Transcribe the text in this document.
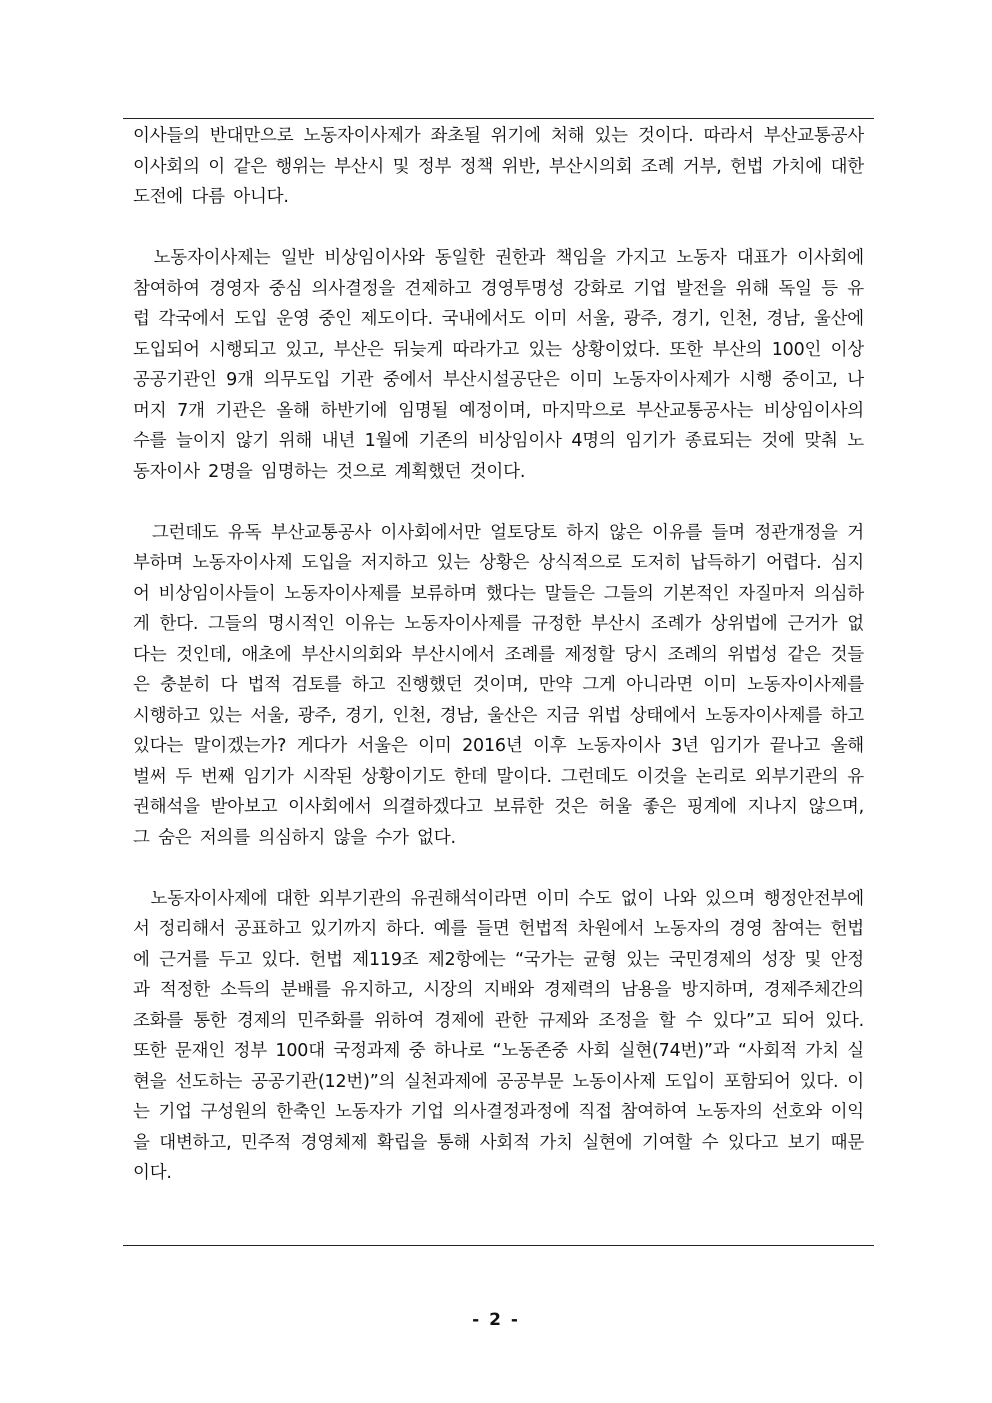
이사들의 반대만으로 노동자이사제가 좌초될 위기에 처해 있는 것이다. 따라서 부산교통공사 이사회의 이 같은 행위는 부산시 및 정부 정책 위반, 부산시의회 조례 거부, 헌법 가치에 대한 도전에 다름 아니다.

노동자이사제는 일반 비상임이사와 동일한 권한과 책임을 가지고 노동자 대표가 이사회에 참여하여 경영자 중심 의사결정을 견제하고 경영투명성 강화로 기업 발전을 위해 독일 등 유럽 각국에서 도입 운영 중인 제도이다. 국내에서도 이미 서울, 광주, 경기, 인천, 경남, 울산에 도입되어 시행되고 있고, 부산은 뒤늦게 따라가고 있는 상황이었다. 또한 부산의 100인 이상 공공기관인 9개 의무도입 기관 중에서 부산시설공단은 이미 노동자이사제가 시행 중이고, 나머지 7개 기관은 올해 하반기에 임명될 예정이며, 마지막으로 부산교통공사는 비상임이사의 수를 늘이지 않기 위해 내년 1월에 기존의 비상임이사 4명의 임기가 종료되는 것에 맞춰 노동자이사 2명을 임명하는 것으로 계획했던 것이다.

그런데도 유독 부산교통공사 이사회에서만 얼토당토 하지 않은 이유를 들며 정관개정을 거부하며 노동자이사제 도입을 저지하고 있는 상황은 상식적으로 도저히 납득하기 어렵다. 심지어 비상임이사들이 노동자이사제를 보류하며 했다는 말들은 그들의 기본적인 자질마저 의심하게 한다. 그들의 명시적인 이유는 노동자이사제를 규정한 부산시 조례가 상위법에 근거가 없다는 것인데, 애초에 부산시의회와 부산시에서 조례를 제정할 당시 조례의 위법성 같은 것들은 충분히 다 법적 검토를 하고 진행했던 것이며, 만약 그게 아니라면 이미 노동자이사제를 시행하고 있는 서울, 광주, 경기, 인천, 경남, 울산은 지금 위법 상태에서 노동자이사제를 하고 있다는 말이겠는가? 게다가 서울은 이미 2016년 이후 노동자이사 3년 임기가 끝나고 올해 벌써 두 번째 임기가 시작된 상황이기도 한데 말이다. 그런데도 이것을 논리로 외부기관의 유권해석을 받아보고 이사회에서 의결하겠다고 보류한 것은 허울 좋은 핑계에 지나지 않으며, 그 숨은 저의를 의심하지 않을 수가 없다.

노동자이사제에 대한 외부기관의 유권해석이라면 이미 수도 없이 나와 있으며 행정안전부에서 정리해서 공표하고 있기까지 하다. 예를 들면 헌법적 차원에서 노동자의 경영 참여는 헌법에 근거를 두고 있다. 헌법 제119조 제2항에는 “국가는 균형 있는 국민경제의 성장 및 안정과 적정한 소득의 분배를 유지하고, 시장의 지배와 경제력의 남용을 방지하며, 경제주체간의 조화를 통한 경제의 민주화를 위하여 경제에 관한 규제와 조정을 할 수 있다”고 되어 있다. 또한 문재인 정부 100대 국정과제 중 하나로 “노동존중 사회 실현(74번)”과 “사회적 가치 실현을 선도하는 공공기관(12번)”의 실천과제에 공공부문 노동이사제 도입이 포함되어 있다. 이는 기업 구성원의 한축인 노동자가 기업 의사결정과정에 직접 참여하여 노동자의 선호와 이익을 대변하고, 민주적 경영체제 확립을 통해 사회적 가치 실현에 기여할 수 있다고 보기 때문이다.

- 2 -
